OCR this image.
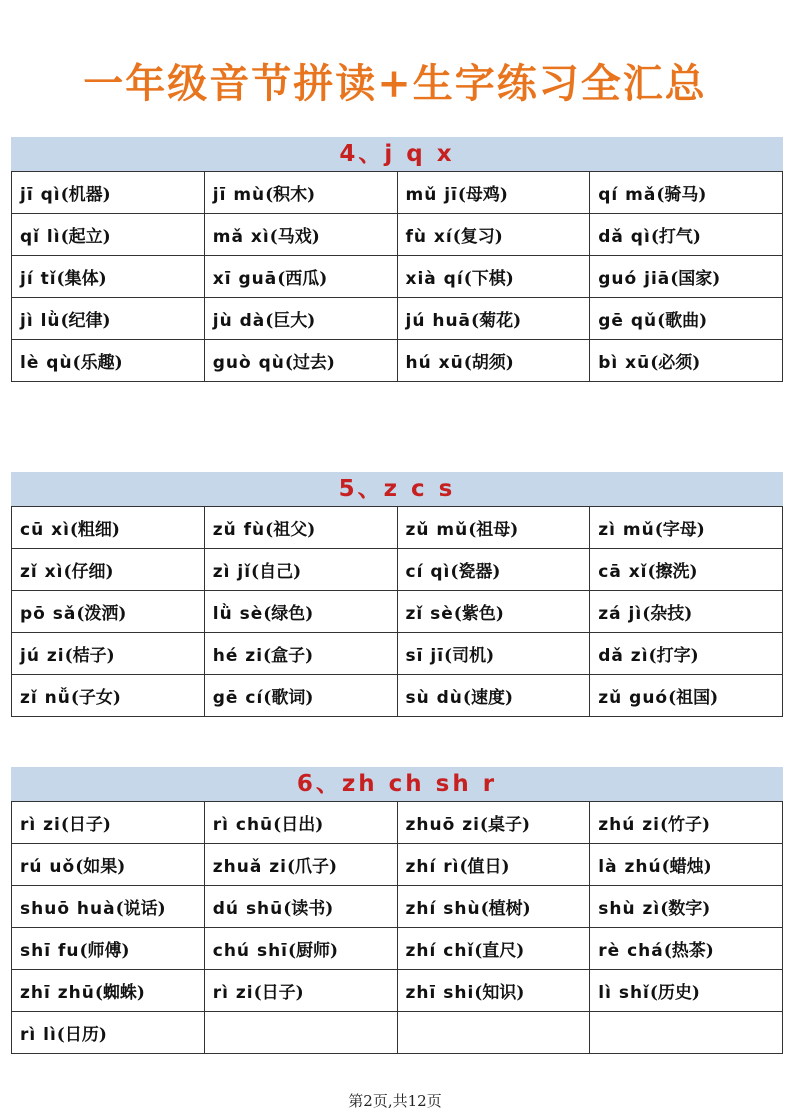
一年级音节拼读+生字练习全汇总
4、j q x
jī qì(机器)	jī mù(积木)	mǔ jī(母鸡)	qí mǎ(骑马)
qǐ lì(起立)	mǎ xì(马戏)	fù xí(复习)	dǎ qì(打气)
jí tǐ(集体)	xī guā(西瓜)	xià qí(下棋)	guó jiā(国家)
jì lǜ(纪律)	jù dà(巨大)	jú huā(菊花)	gē qǔ(歌曲)
lè qù(乐趣)	guò qù(过去)	hú xū(胡须)	bì xū(必须)
5、z c s
cū xì(粗细)	zǔ fù(祖父)	zǔ mǔ(祖母)	zì mǔ(字母)
zǐ xì(仔细)	zì jǐ(自己)	cí qì(瓷器)	cā xǐ(擦洗)
pō sǎ(泼洒)	lǜ sè(绿色)	zǐ sè(紫色)	zá jì(杂技)
jú zi(桔子)	hé zi(盒子)	sī jī(司机)	dǎ zì(打字)
zǐ nǚ(子女)	gē cí(歌词)	sù dù(速度)	zǔ guó(祖国)
6、zh ch sh r
rì zi(日子)	rì chū(日出)	zhuō zi(桌子)	zhú zi(竹子)
rú uǒ(如果)	zhuǎ zi(爪子)	zhí rì(值日)	là zhú(蜡烛)
shuō huà(说话)	dú shū(读书)	zhí shù(植树)	shù zì(数字)
shī fu(师傅)	chú shī(厨师)	zhí chǐ(直尺)	rè chá(热茶)
zhī zhū(蜘蛛)	rì zi(日子)	zhī shi(知识)	lì shǐ(历史)
rì lì(日历)			
第2页,共12页
